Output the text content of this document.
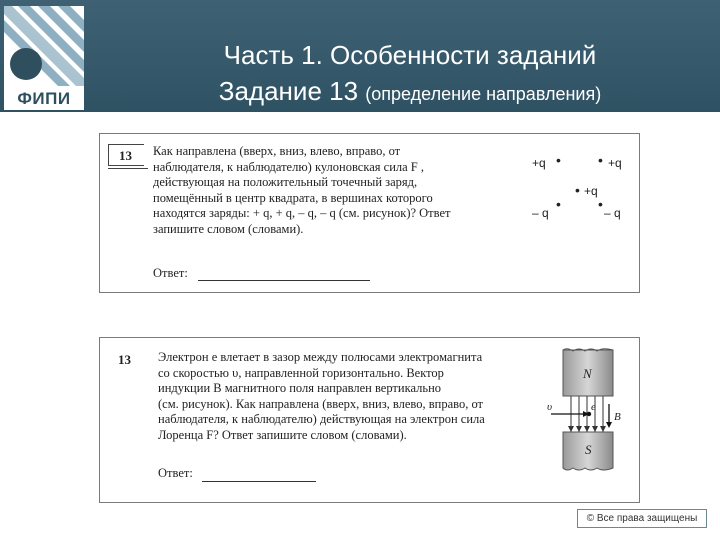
ФИПИ
Часть 1. Особенности заданий
Задание 13 (определение направления)
13	Как направлена (вверх, вниз, влево, вправо, от
наблюдателя, к наблюдателю) кулоновская сила F ,
действующая на положительный точечный заряд,
помещённый в центр квадрата, в вершинах которого
находятся заряды: + q, + q, – q, – q (см. рисунок)? Ответ
запишите словом (словами).
Ответ:
+q •	• +q
• +q
– q
•	•
– q
13 Электрон е влетает в зазор между полюсами электромагнита
со скоростью υ, направленной горизонтально. Вектор
индукции B магнитного поля направлен вертикально
(см. рисунок). Как направлена (вверх, вниз, влево, вправо, от
наблюдателя, к наблюдателю) действующая на электрон сила
Лоренца F? Ответ запишите словом (словами).
Ответ:
N
S
υ	e
B
© Все права защищены
